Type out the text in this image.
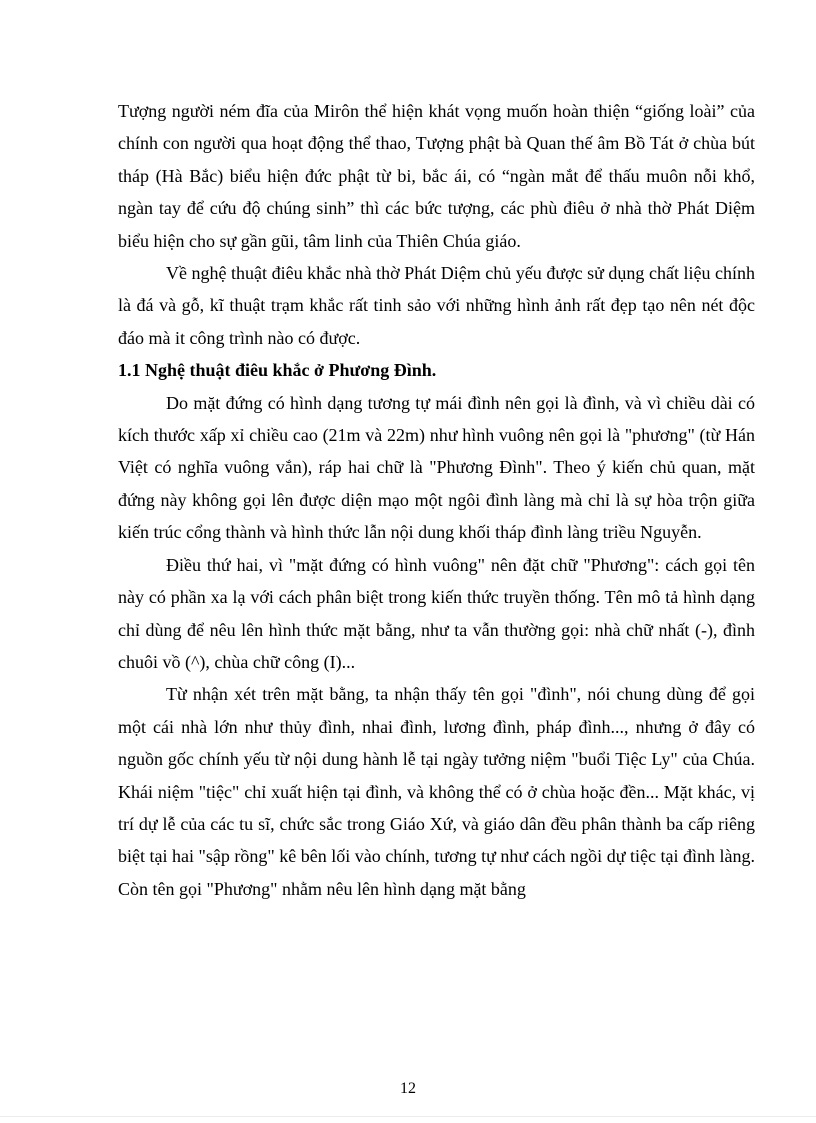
Tượng người ném đĩa của Mirôn thể hiện khát vọng muốn hoàn thiện “giống loài” của chính con người qua hoạt động thể thao, Tượng phật bà Quan thế âm Bồ Tát ở chùa bút tháp (Hà Bắc) biểu hiện đức phật từ bi, bắc ái, có “ngàn mắt để thấu muôn nỗi khổ, ngàn tay để cứu độ chúng sinh” thì các bức tượng, các phù điêu ở nhà thờ Phát Diệm biểu hiện cho sự gần gũi, tâm linh của Thiên Chúa giáo.

Về nghệ thuật điêu khắc nhà thờ Phát Diệm chủ yếu được sử dụng chất liệu chính là đá và gỗ, kĩ thuật trạm khắc rất tinh sảo với những hình ảnh rất đẹp tạo nên nét độc đáo mà it công trình nào có được.

1.1 Nghệ thuật điêu khắc ở Phương Đình.

Do mặt đứng có hình dạng tương tự mái đình nên gọi là đình, và vì chiều dài có kích thước xấp xỉ chiều cao (21m và 22m) như hình vuông nên gọi là "phương" (từ Hán Việt có nghĩa vuông vắn), ráp hai chữ là "Phương Đình". Theo ý kiến chủ quan, mặt đứng này không gọi lên được diện mạo một ngôi đình làng mà chỉ là sự hòa trộn giữa kiến trúc cổng thành và hình thức lẫn nội dung khối tháp đình làng triều Nguyễn.

Điều thứ hai, vì "mặt đứng có hình vuông" nên đặt chữ "Phương": cách gọi tên này có phần xa lạ với cách phân biệt trong kiến thức truyền thống. Tên mô tả hình dạng chỉ dùng để nêu lên hình thức mặt bằng, như ta vẫn thường gọi: nhà chữ nhất (-), đình chuôi vồ (^), chùa chữ công (I)...

Từ nhận xét trên mặt bằng, ta nhận thấy tên gọi "đình", nói chung dùng để gọi một cái nhà lớn như thủy đình, nhai đình, lương đình, pháp đình..., nhưng ở đây có nguồn gốc chính yếu từ nội dung hành lễ tại ngày tưởng niệm "buổi Tiệc Ly" của Chúa. Khái niệm "tiệc" chỉ xuất hiện tại đình, và không thể có ở chùa hoặc đền... Mặt khác, vị trí dự lễ của các tu sĩ, chức sắc trong Giáo Xứ, và giáo dân đều phân thành ba cấp riêng biệt tại hai "sập rồng" kê bên lối vào chính, tương tự như cách ngồi dự tiệc tại đình làng. Còn tên gọi "Phương" nhằm nêu lên hình dạng mặt bằng

12
